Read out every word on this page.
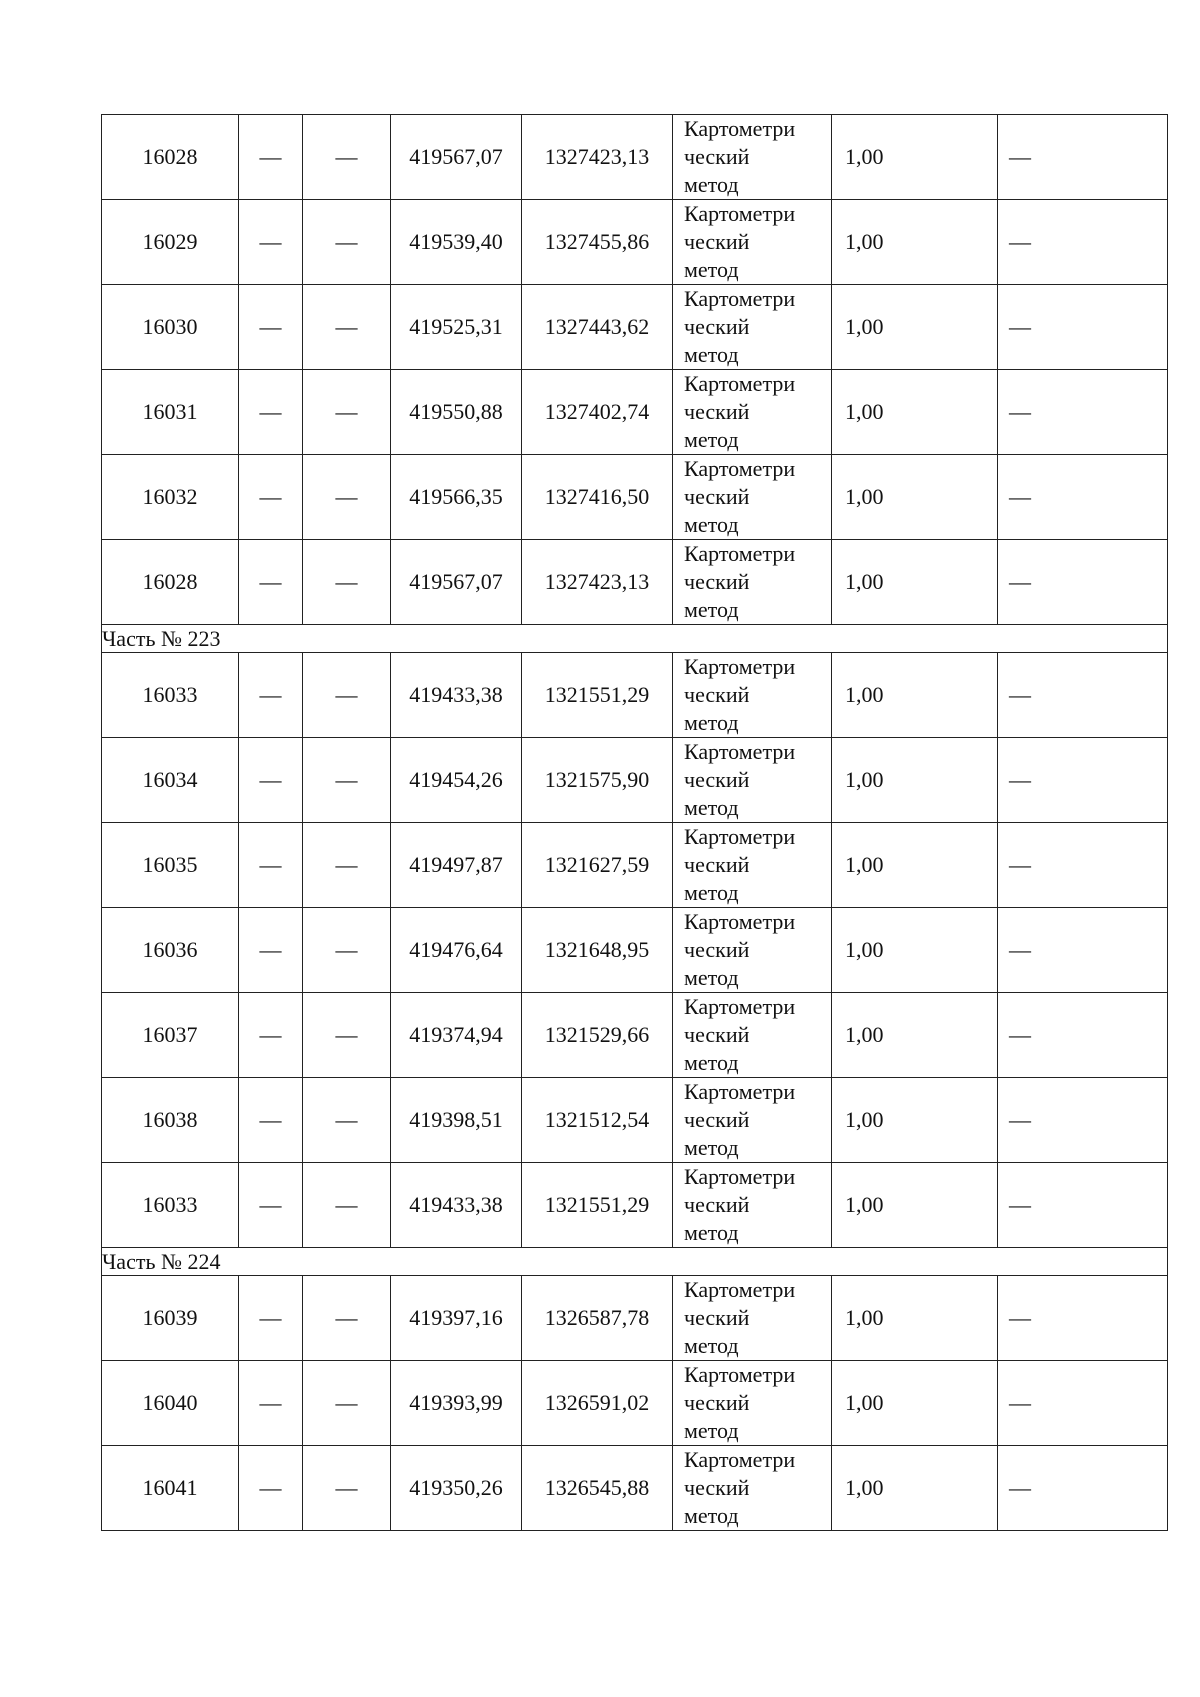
16028	—	—	419567,07	1327423,13	Картометри
ческий
метод	1,00	—
16029	—	—	419539,40	1327455,86	Картометри
ческий
метод	1,00	—
16030	—	—	419525,31	1327443,62	Картометри
ческий
метод	1,00	—
16031	—	—	419550,88	1327402,74	Картометри
ческий
метод	1,00	—
16032	—	—	419566,35	1327416,50	Картометри
ческий
метод	1,00	—
16028	—	—	419567,07	1327423,13	Картометри
ческий
метод	1,00	—
Часть № 223							
16033	—	—	419433,38	1321551,29	Картометри
ческий
метод	1,00	—
16034	—	—	419454,26	1321575,90	Картометри
ческий
метод	1,00	—
16035	—	—	419497,87	1321627,59	Картометри
ческий
метод	1,00	—
16036	—	—	419476,64	1321648,95	Картометри
ческий
метод	1,00	—
16037	—	—	419374,94	1321529,66	Картометри
ческий
метод	1,00	—
16038	—	—	419398,51	1321512,54	Картометри
ческий
метод	1,00	—
16033	—	—	419433,38	1321551,29	Картометри
ческий
метод	1,00	—
Часть № 224							
16039	—	—	419397,16	1326587,78	Картометри
ческий
метод	1,00	—
16040	—	—	419393,99	1326591,02	Картометри
ческий
метод	1,00	—
16041	—	—	419350,26	1326545,88	Картометри
ческий
метод	1,00	—
